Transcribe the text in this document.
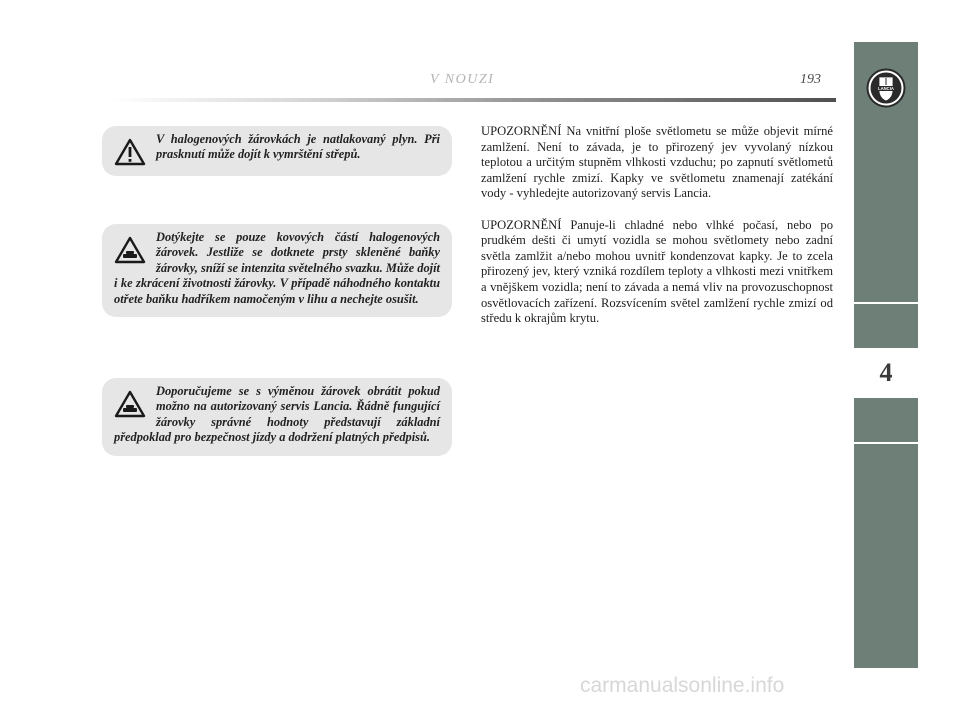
4
LANCIA
V NOUZI	193

V halogenových žárovkách je natlakovaný plyn. Při prasknutí může dojít k vymrštění střepů.

Dotýkejte se pouze kovových částí halogenových žárovek. Jestliže se dotknete prsty skleněné baňky žárovky, sníží se intenzita světelného svazku. Může dojít i ke zkrácení životnosti žárovky. V případě náhodného kontaktu otřete baňku hadříkem namočeným v lihu a nechejte osušit.

Doporučujeme se s výměnou žárovek obrátit pokud možno na autorizovaný servis Lancia. Řádně fungující žárovky správné hodnoty představují základní předpoklad pro bezpečnost jízdy a dodržení platných předpisů.

UPOZORNĚNÍ Na vnitřní ploše světlometu se může objevit mírné zamlžení. Není to závada, je to přirozený jev vyvolaný nízkou teplotou a určitým stupněm vlhkosti vzduchu; po zapnutí světlometů zamlžení rychle zmizí. Kapky ve světlometu znamenají zatékání vody - vyhledejte autorizovaný servis Lancia.

UPOZORNĚNÍ Panuje-li chladné nebo vlhké počasí, nebo po prudkém dešti či umytí vozidla se mohou světlomety nebo zadní světla zamlžit a/nebo mohou uvnitř kondenzovat kapky. Je to zcela přirozený jev, který vzniká rozdílem teploty a vlhkosti mezi vnitřkem a vnějškem vozidla; není to závada a nemá vliv na provozuschopnost osvětlovacích zařízení. Rozsvícením světel zamlžení rychle zmizí od středu k okrajům krytu.

carmanualsonline.info
